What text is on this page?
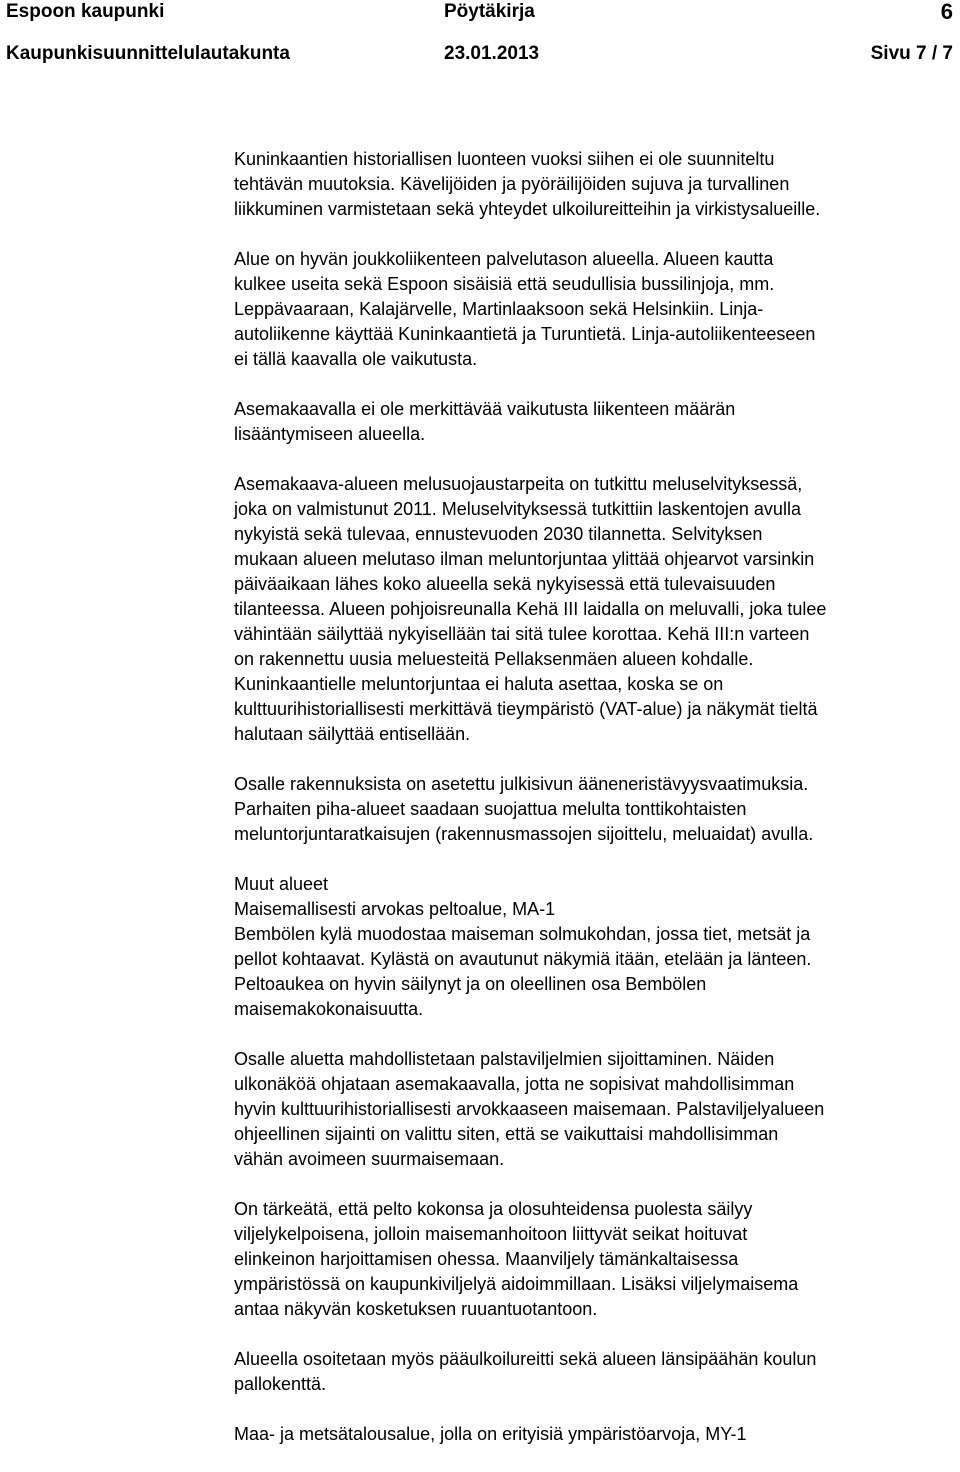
Espoon kaupunki	Pöytäkirja	6
Kaupunkisuunnittelulautakunta	23.01.2013	Sivu 7 / 7
Kuninkaantien historiallisen luonteen vuoksi siihen ei ole suunniteltu
tehtävän muutoksia. Kävelijöiden ja pyöräilijöiden sujuva ja turvallinen
liikkuminen varmistetaan sekä yhteydet ulkoilureitteihin ja virkistysalueille.
Alue on hyvän joukkoliikenteen palvelutason alueella. Alueen kautta
kulkee useita sekä Espoon sisäisiä että seudullisia bussilinjoja, mm.
Leppävaaraan, Kalajärvelle, Martinlaaksoon sekä Helsinkiin. Linja-
autoliikenne käyttää Kuninkaantietä ja Turuntietä. Linja-autoliikenteeseen
ei tällä kaavalla ole vaikutusta.
Asemakaavalla ei ole merkittävää vaikutusta liikenteen määrän
lisääntymiseen alueella.
Asemakaava-alueen melusuojaustarpeita on tutkittu meluselvityksessä,
joka on valmistunut 2011. Meluselvityksessä tutkittiin laskentojen avulla
nykyistä sekä tulevaa, ennustevuoden 2030 tilannetta. Selvityksen
mukaan alueen melutaso ilman meluntorjuntaa ylittää ohjearvot varsinkin
päiväaikaan lähes koko alueella sekä nykyisessä että tulevaisuuden
tilanteessa. Alueen pohjoisreunalla Kehä III laidalla on meluvalli, joka tulee
vähintään säilyttää nykyisellään tai sitä tulee korottaa. Kehä III:n varteen
on rakennettu uusia meluesteitä Pellaksenmäen alueen kohdalle.
Kuninkaantielle meluntorjuntaa ei haluta asettaa, koska se on
kulttuurihistoriallisesti merkittävä tieympäristö (VAT-alue) ja näkymät tieltä
halutaan säilyttää entisellään.
Osalle rakennuksista on asetettu julkisivun ääneneristävyysvaatimuksia.
Parhaiten piha-alueet saadaan suojattua melulta tonttikohtaisten
meluntorjuntaratkaisujen (rakennusmassojen sijoittelu, meluaidat) avulla.
Muut alueet
Maisemallisesti arvokas peltoalue, MA-1
Bembölen kylä muodostaa maiseman solmukohdan, jossa tiet, metsät ja
pellot kohtaavat. Kylästä on avautunut näkymiä itään, etelään ja länteen.
Peltoaukea on hyvin säilynyt ja on oleellinen osa Bembölen
maisemakokonaisuutta.
Osalle aluetta mahdollistetaan palstaviljelmien sijoittaminen. Näiden
ulkonäköä ohjataan asemakaavalla, jotta ne sopisivat mahdollisimman
hyvin kulttuurihistoriallisesti arvokkaaseen maisemaan. Palstaviljelyalueen
ohjeellinen sijainti on valittu siten, että se vaikuttaisi mahdollisimman
vähän avoimeen suurmaisemaan.
On tärkeätä, että pelto kokonsa ja olosuhteidensa puolesta säilyy
viljelykelpoisena, jolloin maisemanhoitoon liittyvät seikat hoituvat
elinkeinon harjoittamisen ohessa. Maanviljely tämänkaltaisessa
ympäristössä on kaupunkiviljelyä aidoimmillaan. Lisäksi viljelymaisema
antaa näkyvän kosketuksen ruuantuotantoon.
Alueella osoitetaan myös pääulkoilureitti sekä alueen länsipäähän koulun
pallokenttä.
Maa- ja metsätalousalue, jolla on erityisiä ympäristöarvoja, MY-1
